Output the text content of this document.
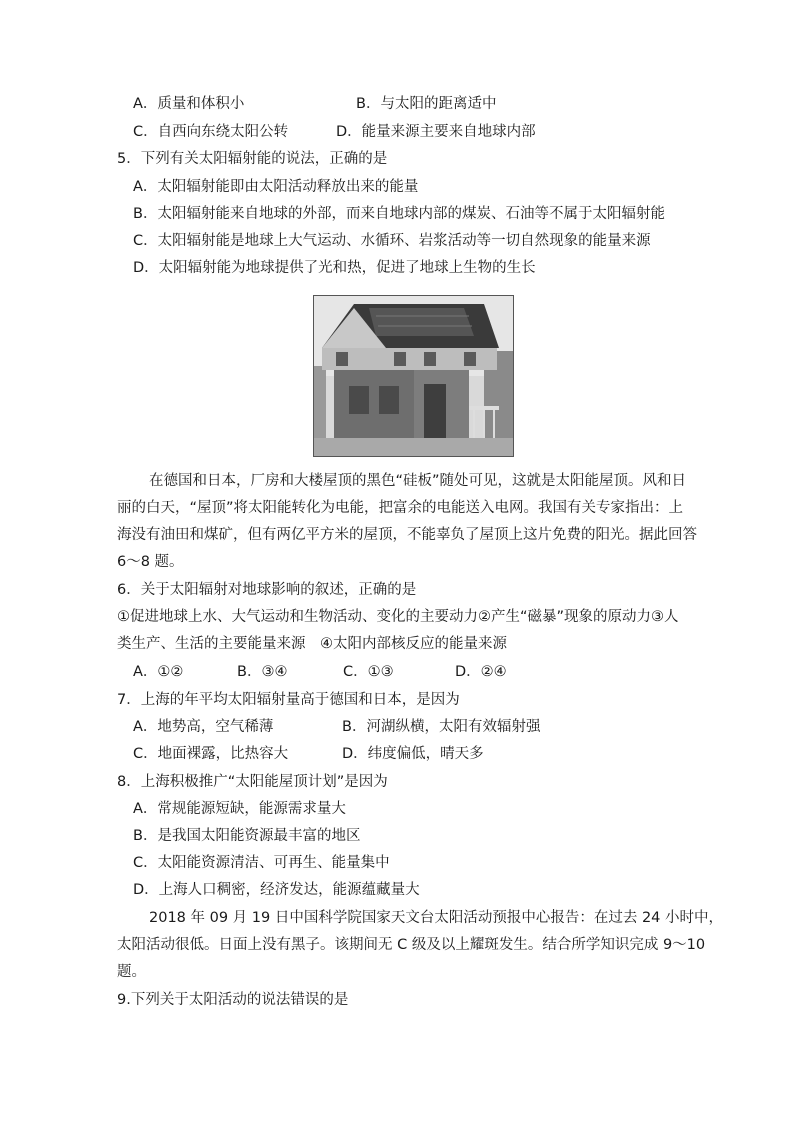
A．质量和体积小	B．与太阳的距离适中
C．自西向东绕太阳公转	D．能量来源主要来自地球内部
5．下列有关太阳辐射能的说法，正确的是
A．太阳辐射能即由太阳活动释放出来的能量
B．太阳辐射能来自地球的外部，而来自地球内部的煤炭、石油等不属于太阳辐射能
C．太阳辐射能是地球上大气运动、水循环、岩浆活动等一切自然现象的能量来源
D．太阳辐射能为地球提供了光和热，促进了地球上生物的生长
在德国和日本，厂房和大楼屋顶的黑色“硅板”随处可见，这就是太阳能屋顶。风和日
丽的白天，“屋顶”将太阳能转化为电能，把富余的电能送入电网。我国有关专家指出：上
海没有油田和煤矿，但有两亿平方米的屋顶，不能辜负了屋顶上这片免费的阳光。据此回答
6～8 题。
6．关于太阳辐射对地球影响的叙述，正确的是
①促进地球上水、大气运动和生物活动、变化的主要动力②产生“磁暴”现象的原动力③人
类生产、生活的主要能量来源　④太阳内部核反应的能量来源
A．①②	B．③④	C．①③	D．②④
7．上海的年平均太阳辐射量高于德国和日本，是因为
A．地势高，空气稀薄	B．河湖纵横，太阳有效辐射强
C．地面裸露，比热容大	D．纬度偏低，晴天多
8．上海积极推广“太阳能屋顶计划”是因为
A．常规能源短缺，能源需求量大
B．是我国太阳能资源最丰富的地区
C．太阳能资源清洁、可再生、能量集中
D．上海人口稠密，经济发达，能源蕴藏量大
2018 年 09 月 19 日中国科学院国家天文台太阳活动预报中心报告：在过去 24 小时中，
太阳活动很低。日面上没有黑子。该期间无 C 级及以上耀斑发生。结合所学知识完成 9～10
题。
9.下列关于太阳活动的说法错误的是
